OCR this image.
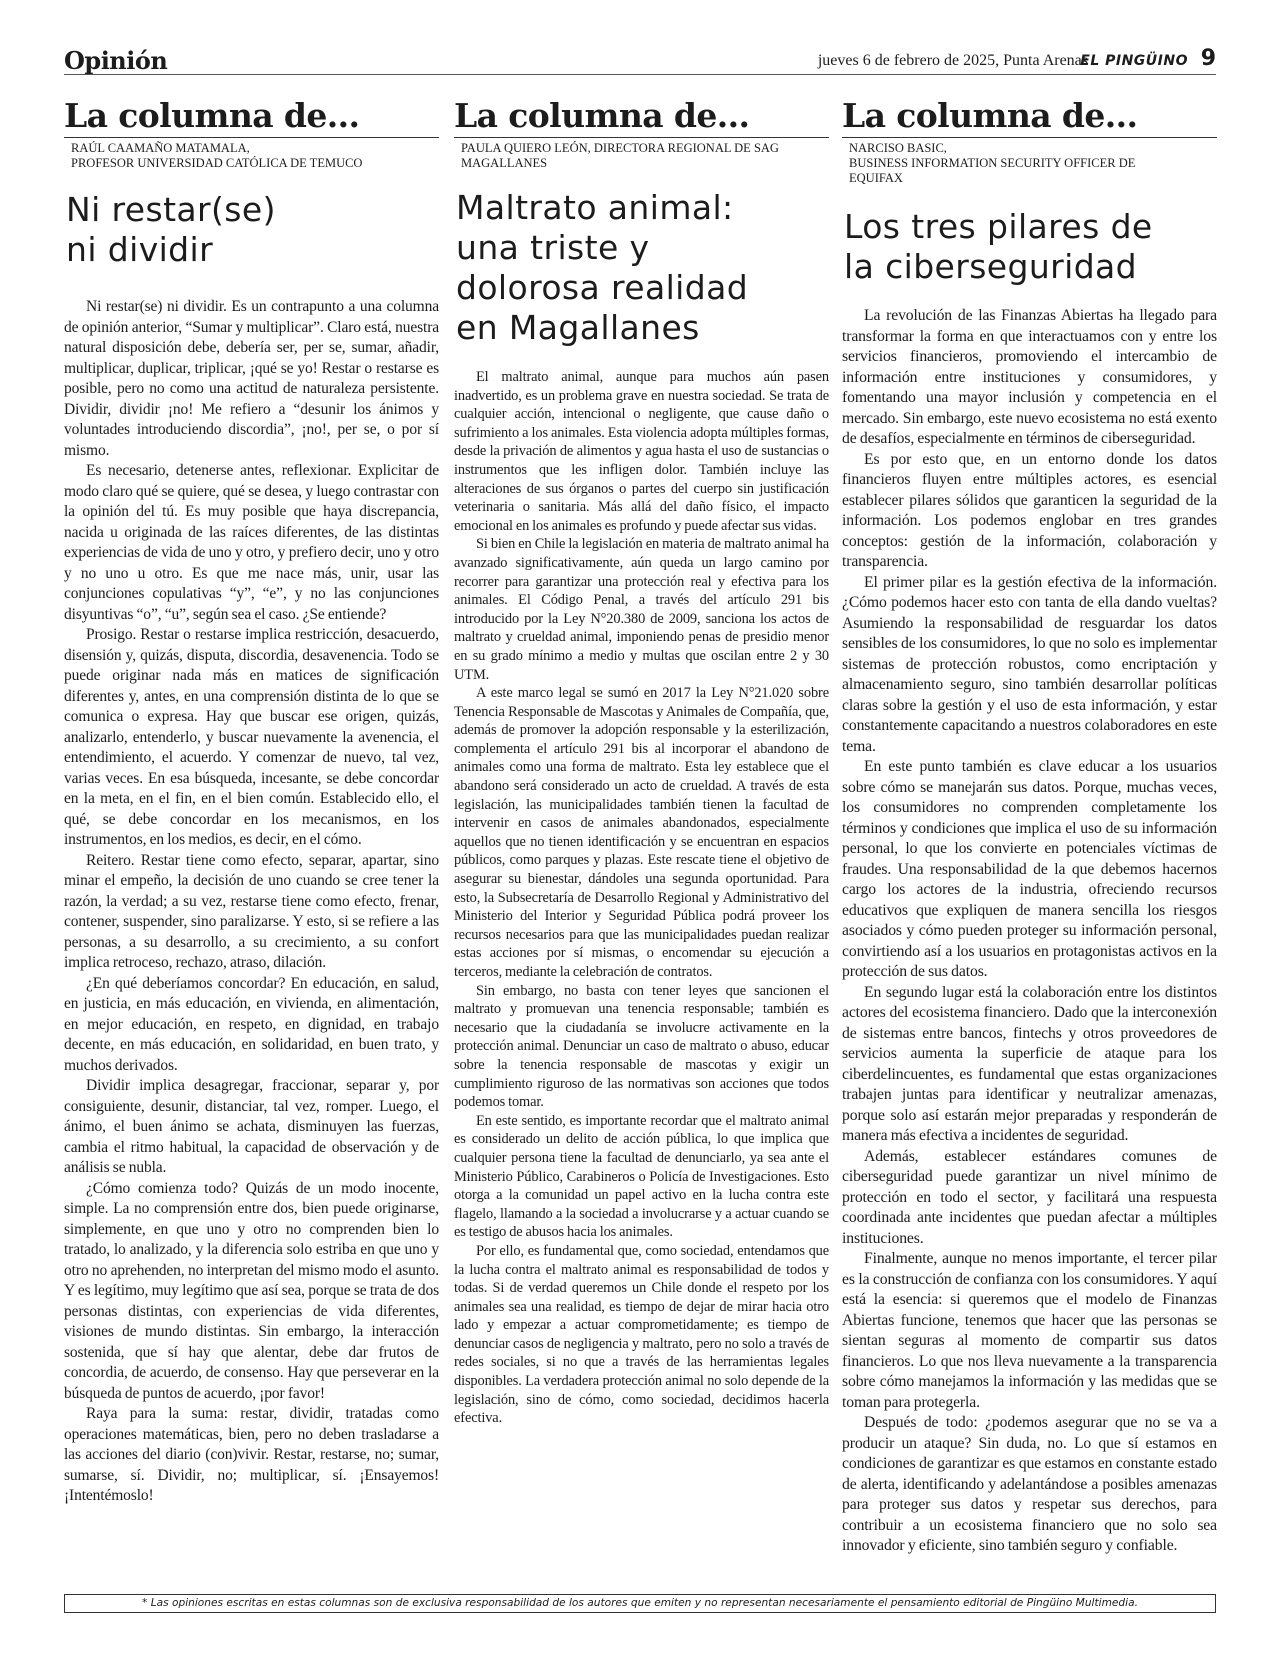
Opinión	jueves 6 de febrero de 2025, Punta Arenas
EL PINGÜINO 9
La columna de...
RAÚL CAAMAÑO MATAMALA,
PROFESOR UNIVERSIDAD CATÓLICA DE TEMUCO
Ni restar(se)
ni dividir

Ni restar(se) ni dividir. Es un contrapunto a una columna de opinión anterior, “Sumar y multiplicar”. Claro está, nuestra natural disposición debe, debería ser, per se, sumar, añadir, multiplicar, duplicar, triplicar, ¡qué se yo! Restar o restarse es posible, pero no como una actitud de naturaleza persistente. Dividir, dividir ¡no! Me refiero a “desunir los ánimos y voluntades introduciendo discordia”, ¡no!, per se, o por sí mismo.

Es necesario, detenerse antes, reflexionar. Explicitar de modo claro qué se quiere, qué se desea, y luego contrastar con la opinión del tú. Es muy posible que haya discrepancia, nacida u originada de las raíces diferentes, de las distintas experiencias de vida de uno y otro, y prefiero decir, uno y otro y no uno u otro. Es que me nace más, unir, usar las conjunciones copulativas “y”, “e”, y no las conjunciones disyuntivas “o”, “u”, según sea el caso. ¿Se entiende?

Prosigo. Restar o restarse implica restricción, desacuerdo, disensión y, quizás, disputa, discordia, desavenencia. Todo se puede originar nada más en matices de significación diferentes y, antes, en una comprensión distinta de lo que se comunica o expresa. Hay que buscar ese origen, quizás, analizarlo, entenderlo, y buscar nuevamente la avenencia, el entendimiento, el acuerdo. Y comenzar de nuevo, tal vez, varias veces. En esa búsqueda, incesante, se debe concordar en la meta, en el fin, en el bien común. Establecido ello, el qué, se debe concordar en los mecanismos, en los instrumentos, en los medios, es decir, en el cómo.

Reitero. Restar tiene como efecto, separar, apartar, sino minar el empeño, la decisión de uno cuando se cree tener la razón, la verdad; a su vez, restarse tiene como efecto, frenar, contener, suspender, sino paralizarse. Y esto, si se refiere a las personas, a su desarrollo, a su crecimiento, a su confort implica retroceso, rechazo, atraso, dilación.

¿En qué deberíamos concordar? En educación, en salud, en justicia, en más educación, en vivienda, en alimentación, en mejor educación, en respeto, en dignidad, en trabajo decente, en más educación, en solidaridad, en buen trato, y muchos derivados.

Dividir implica desagregar, fraccionar, separar y, por consiguiente, desunir, distanciar, tal vez, romper. Luego, el ánimo, el buen ánimo se achata, disminuyen las fuerzas, cambia el ritmo habitual, la capacidad de observación y de análisis se nubla.

¿Cómo comienza todo? Quizás de un modo inocente, simple. La no comprensión entre dos, bien puede originarse, simplemente, en que uno y otro no comprenden bien lo tratado, lo analizado, y la diferencia solo estriba en que uno y otro no aprehenden, no interpretan del mismo modo el asunto. Y es legítimo, muy legítimo que así sea, porque se trata de dos personas distintas, con experiencias de vida diferentes, visiones de mundo distintas. Sin embargo, la interacción sostenida, que sí hay que alentar, debe dar frutos de concordia, de acuerdo, de consenso. Hay que perseverar en la búsqueda de puntos de acuerdo, ¡por favor!

Raya para la suma: restar, dividir, tratadas como operaciones matemáticas, bien, pero no deben trasladarse a las acciones del diario (con)vivir. Restar, restarse, no; sumar, sumarse, sí. Dividir, no; multiplicar, sí. ¡Ensayemos! ¡Intentémoslo!

La columna de...
PAULA QUIERO LEÓN, DIRECTORA REGIONAL DE SAG
MAGALLANES
Maltrato animal:
una triste y
dolorosa realidad
en Magallanes

El maltrato animal, aunque para muchos aún pasen inadvertido, es un problema grave en nuestra sociedad. Se trata de cualquier acción, intencional o negligente, que cause daño o sufrimiento a los animales. Esta violencia adopta múltiples formas, desde la privación de alimentos y agua hasta el uso de sustancias o instrumentos que les infligen dolor. También incluye las alteraciones de sus órganos o partes del cuerpo sin justificación veterinaria o sanitaria. Más allá del daño físico, el impacto emocional en los animales es profundo y puede afectar sus vidas.

Si bien en Chile la legislación en materia de maltrato animal ha avanzado significativamente, aún queda un largo camino por recorrer para garantizar una protección real y efectiva para los animales. El Código Penal, a través del artículo 291 bis introducido por la Ley N°20.380 de 2009, sanciona los actos de maltrato y crueldad animal, imponiendo penas de presidio menor en su grado mínimo a medio y multas que oscilan entre 2 y 30 UTM.

A este marco legal se sumó en 2017 la Ley N°21.020 sobre Tenencia Responsable de Mascotas y Animales de Compañía, que, además de promover la adopción responsable y la esterilización, complementa el artículo 291 bis al incorporar el abandono de animales como una forma de maltrato. Esta ley establece que el abandono será considerado un acto de crueldad. A través de esta legislación, las municipalidades también tienen la facultad de intervenir en casos de animales abandonados, especialmente aquellos que no tienen identificación y se encuentran en espacios públicos, como parques y plazas. Este rescate tiene el objetivo de asegurar su bienestar, dándoles una segunda oportunidad. Para esto, la Subsecretaría de Desarrollo Regional y Administrativo del Ministerio del Interior y Seguridad Pública podrá proveer los recursos necesarios para que las municipalidades puedan realizar estas acciones por sí mismas, o encomendar su ejecución a terceros, mediante la celebración de contratos.

Sin embargo, no basta con tener leyes que sancionen el maltrato y promuevan una tenencia responsable; también es necesario que la ciudadanía se involucre activamente en la protección animal. Denunciar un caso de maltrato o abuso, educar sobre la tenencia responsable de mascotas y exigir un cumplimiento riguroso de las normativas son acciones que todos podemos tomar.

En este sentido, es importante recordar que el maltrato animal es considerado un delito de acción pública, lo que implica que cualquier persona tiene la facultad de denunciarlo, ya sea ante el Ministerio Público, Carabineros o Policía de Investigaciones. Esto otorga a la comunidad un papel activo en la lucha contra este flagelo, llamando a la sociedad a involucrarse y a actuar cuando se es testigo de abusos hacia los animales.

Por ello, es fundamental que, como sociedad, entendamos que la lucha contra el maltrato animal es responsabilidad de todos y todas. Si de verdad queremos un Chile donde el respeto por los animales sea una realidad, es tiempo de dejar de mirar hacia otro lado y empezar a actuar comprometidamente; es tiempo de denunciar casos de negligencia y maltrato, pero no solo a través de redes sociales, si no que a través de las herramientas legales disponibles. La verdadera protección animal no solo depende de la legislación, sino de cómo, como sociedad, decidimos hacerla efectiva.

La columna de...
NARCISO BASIC,
BUSINESS INFORMATION SECURITY OFFICER DE
EQUIFAX
Los tres pilares de
la ciberseguridad

La revolución de las Finanzas Abiertas ha llegado para transformar la forma en que interactuamos con y entre los servicios financieros, promoviendo el intercambio de información entre instituciones y consumidores, y fomentando una mayor inclusión y competencia en el mercado. Sin embargo, este nuevo ecosistema no está exento de desafíos, especialmente en términos de ciberseguridad.

Es por esto que, en un entorno donde los datos financieros fluyen entre múltiples actores, es esencial establecer pilares sólidos que garanticen la seguridad de la información. Los podemos englobar en tres grandes conceptos: gestión de la información, colaboración y transparencia.

El primer pilar es la gestión efectiva de la información. ¿Cómo podemos hacer esto con tanta de ella dando vueltas? Asumiendo la responsabilidad de resguardar los datos sensibles de los consumidores, lo que no solo es implementar sistemas de protección robustos, como encriptación y almacenamiento seguro, sino también desarrollar políticas claras sobre la gestión y el uso de esta información, y estar constantemente capacitando a nuestros colaboradores en este tema.

En este punto también es clave educar a los usuarios sobre cómo se manejarán sus datos. Porque, muchas veces, los consumidores no comprenden completamente los términos y condiciones que implica el uso de su información personal, lo que los convierte en potenciales víctimas de fraudes. Una responsabilidad de la que debemos hacernos cargo los actores de la industria, ofreciendo recursos educativos que expliquen de manera sencilla los riesgos asociados y cómo pueden proteger su información personal, convirtiendo así a los usuarios en protagonistas activos en la protección de sus datos.

En segundo lugar está la colaboración entre los distintos actores del ecosistema financiero. Dado que la interconexión de sistemas entre bancos, fintechs y otros proveedores de servicios aumenta la superficie de ataque para los ciberdelincuentes, es fundamental que estas organizaciones trabajen juntas para identificar y neutralizar amenazas, porque solo así estarán mejor preparadas y responderán de manera más efectiva a incidentes de seguridad.

Además, establecer estándares comunes de ciberseguridad puede garantizar un nivel mínimo de protección en todo el sector, y facilitará una respuesta coordinada ante incidentes que puedan afectar a múltiples instituciones.

Finalmente, aunque no menos importante, el tercer pilar es la construcción de confianza con los consumidores. Y aquí está la esencia: si queremos que el modelo de Finanzas Abiertas funcione, tenemos que hacer que las personas se sientan seguras al momento de compartir sus datos financieros. Lo que nos lleva nuevamente a la transparencia sobre cómo manejamos la información y las medidas que se toman para protegerla.

Después de todo: ¿podemos asegurar que no se va a producir un ataque? Sin duda, no. Lo que sí estamos en condiciones de garantizar es que estamos en constante estado de alerta, identificando y adelantándose a posibles amenazas para proteger sus datos y respetar sus derechos, para contribuir a un ecosistema financiero que no solo sea innovador y eficiente, sino también seguro y confiable.

* Las opiniones escritas en estas columnas son de exclusiva responsabilidad de los autores que emiten y no representan necesariamente el pensamiento editorial de Pingüino Multimedia.
